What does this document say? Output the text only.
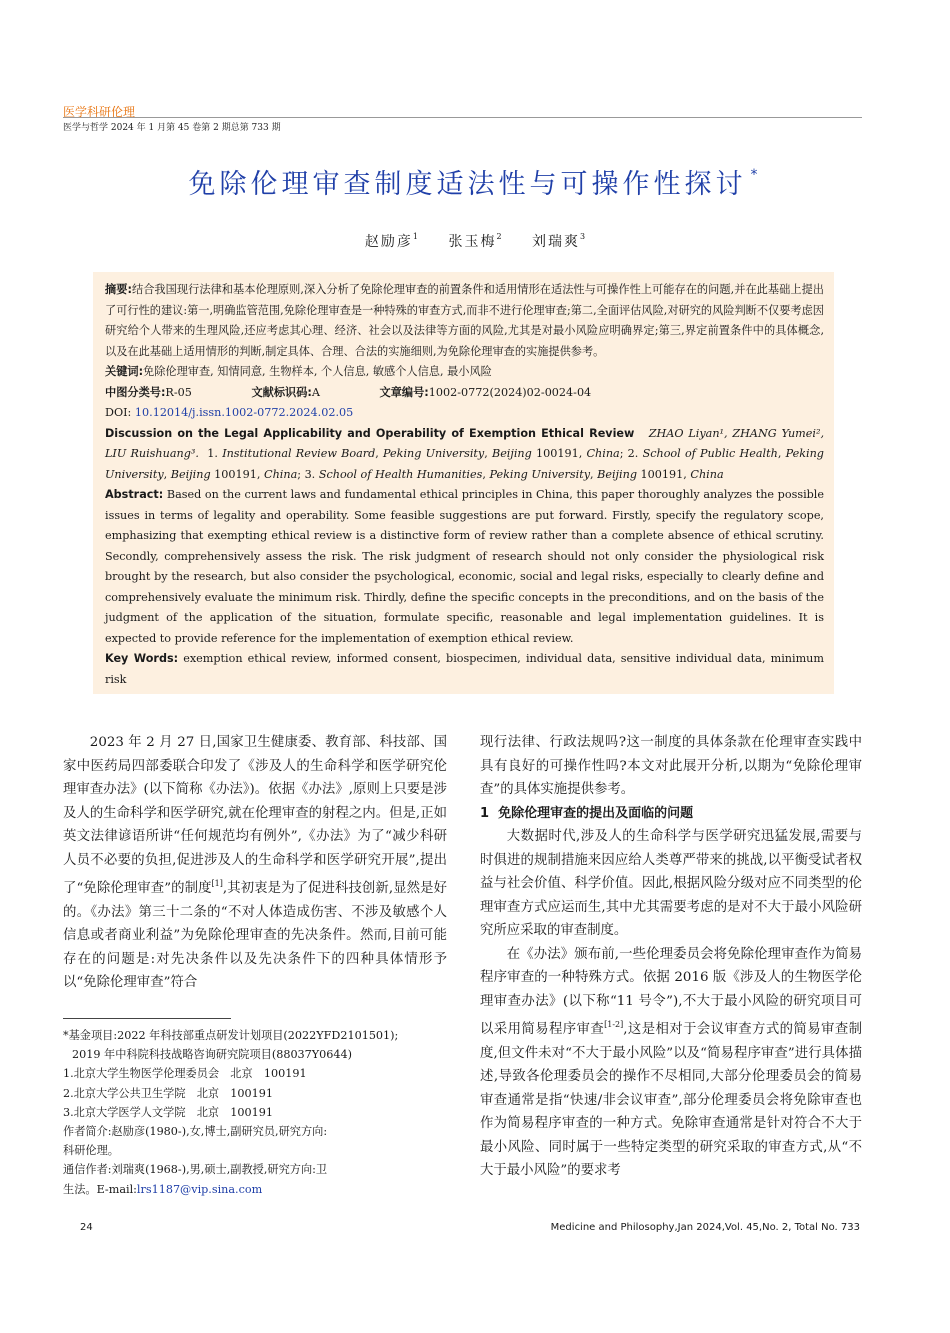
医学科研伦理
医学与哲学 2024 年 1 月第 45 卷第 2 期总第 733 期
免除伦理审查制度适法性与可操作性探讨 *
赵励彦$^1$ 张玉梅$^2$ 刘瑞爽$^3$

摘要:结合我国现行法律和基本伦理原则,深入分析了免除伦理审查的前置条件和适用情形在适法性与可操作性上可能存在的问题,并在此基础上提出了可行性的建议:第一,明确监管范围,免除伦理审查是一种特殊的审查方式,而非不进行伦理审查;第二,全面评估风险,对研究的风险判断不仅要考虑因研究给个人带来的生理风险,还应考虑其心理、经济、社会以及法律等方面的风险,尤其是对最小风险应明确界定;第三,界定前置条件中的具体概念,以及在此基础上适用情形的判断,制定具体、合理、合法的实施细则,为免除伦理审查的实施提供参考。

关键词:免除伦理审查, 知情同意, 生物样本, 个人信息, 敏感个人信息, 最小风险

中图分类号:R-05	文献标识码:A	文章编号:1002-0772(2024)02-0024-04

DOI: 10.12014/j.issn.1002-0772.2024.02.05

Discussion on the Legal Applicability and Operability of Exemption Ethical Review ZHAO Liyan¹, ZHANG Yumei², LIU Ruishuang³. 1. Institutional Review Board, Peking University, Beijing 100191, China; 2. School of Public Health, Peking University, Beijing 100191, China; 3. School of Health Humanities, Peking University, Beijing 100191, China

Abstract: Based on the current laws and fundamental ethical principles in China, this paper thoroughly analyzes the possible issues in terms of legality and operability. Some feasible suggestions are put forward. Firstly, specify the regulatory scope, emphasizing that exempting ethical review is a distinctive form of review rather than a complete absence of ethical scrutiny. Secondly, comprehensively assess the risk. The risk judgment of research should not only consider the physiological risk brought by the research, but also consider the psychological, economic, social and legal risks, especially to clearly define and comprehensively evaluate the minimum risk. Thirdly, define the specific concepts in the preconditions, and on the basis of the judgment of the application of the situation, formulate specific, reasonable and legal implementation guidelines. It is expected to provide reference for the implementation of exemption ethical review.

Key Words: exemption ethical review, informed consent, biospecimen, individual data, sensitive individual data, minimum risk

2023 年 2 月 27 日,国家卫生健康委、教育部、科技部、国家中医药局四部委联合印发了《涉及人的生命科学和医学研究伦理审查办法》(以下简称《办法》)。依据《办法》,原则上只要是涉及人的生命科学和医学研究,就在伦理审查的射程之内。但是,正如英文法律谚语所讲“任何规范均有例外”,《办法》为了“减少科研人员不必要的负担,促进涉及人的生命科学和医学研究开展”,提出了“免除伦理审查”的制度[1],其初衷是为了促进科技创新,显然是好的。《办法》第三十二条的“不对人体造成伤害、不涉及敏感个人信息或者商业利益”为免除伦理审查的先决条件。然而,目前可能存在的问题是:对先决条件以及先决条件下的四种具体情形予以“免除伦理审查”符合

*基金项目:2022 年科技部重点研发计划项目(2022YFD2101501);

2019 年中科院科技战略咨询研究院项目(88037Y0644)

1.北京大学生物医学伦理委员会　北京　100191

2.北京大学公共卫生学院　北京　100191

3.北京大学医学人文学院　北京　100191

作者简介:赵励彦(1980-),女,博士,副研究员,研究方向:

科研伦理。

通信作者:刘瑞爽(1968-),男,硕士,副教授,研究方向:卫

生法。E-mail:lrs1187@vip.sina.com

现行法律、行政法规吗?这一制度的具体条款在伦理审查实践中具有良好的可操作性吗?本文对此展开分析,以期为“免除伦理审查”的具体实施提供参考。

1 免除伦理审查的提出及面临的问题

大数据时代,涉及人的生命科学与医学研究迅猛发展,需要与时俱进的规制措施来因应给人类尊严带来的挑战,以平衡受试者权益与社会价值、科学价值。因此,根据风险分级对应不同类型的伦理审查方式应运而生,其中尤其需要考虑的是对不大于最小风险研究所应采取的审查制度。

在《办法》颁布前,一些伦理委员会将免除伦理审查作为简易程序审查的一种特殊方式。依据 2016 版《涉及人的生物医学伦理审查办法》(以下称“11 号令”),不大于最小风险的研究项目可以采用简易程序审查[1-2],这是相对于会议审查方式的简易审查制度,但文件未对“不大于最小风险”以及“简易程序审查”进行具体描述,导致各伦理委员会的操作不尽相同,大部分伦理委员会的简易审查通常是指“快速/非会议审查”,部分伦理委员会将免除审查也作为简易程序审查的一种方式。免除审查通常是针对符合不大于最小风险、同时属于一些特定类型的研究采取的审查方式,从“不大于最小风险”的要求考

24	Medicine and Philosophy,Jan 2024,Vol. 45,No. 2, Total No. 733
